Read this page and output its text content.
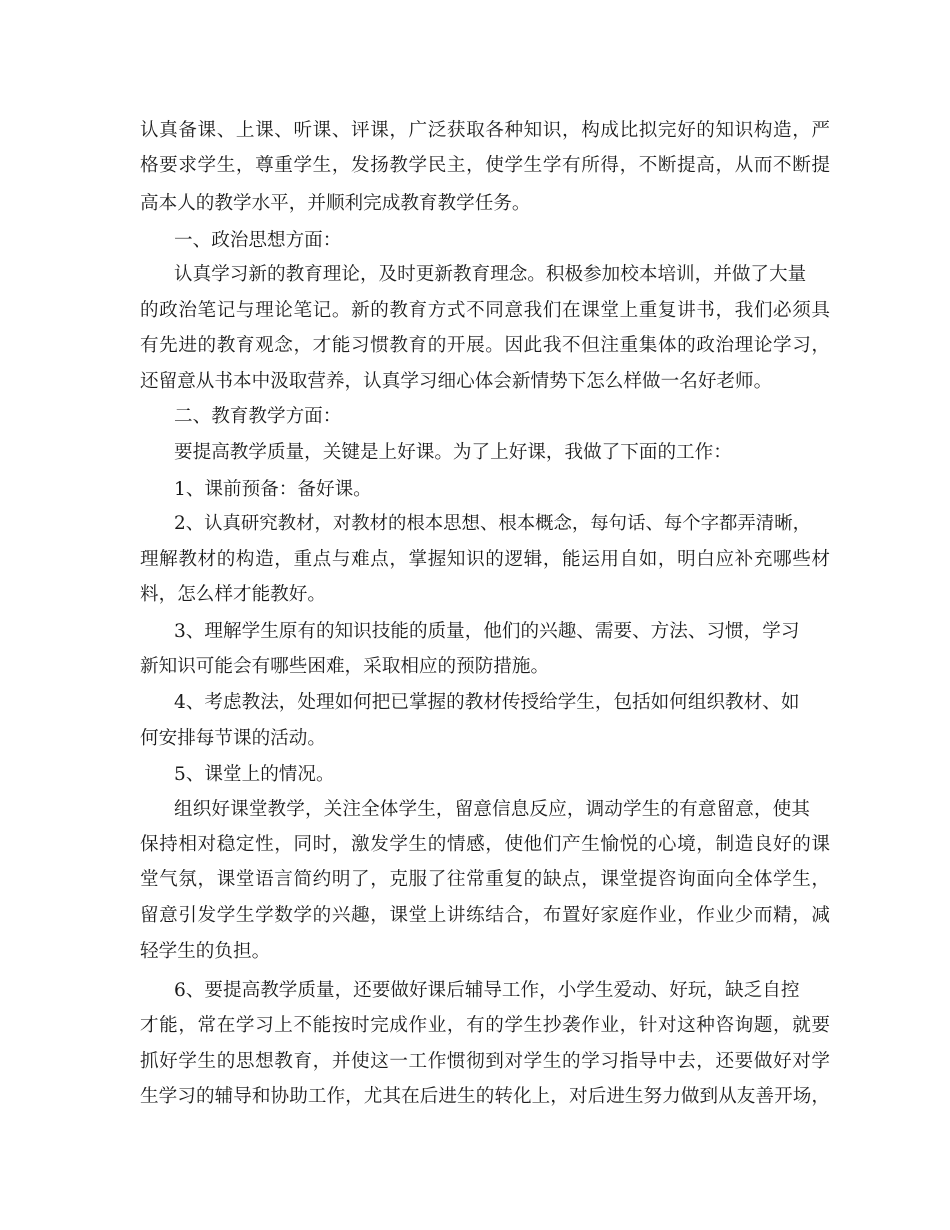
认真备课、上课、听课、评课，广泛获取各种知识，构成比拟完好的知识构造，严
格要求学生，尊重学生，发扬教学民主，使学生学有所得，不断提高，从而不断提
高本人的教学水平，并顺利完成教育教学任务。
一、政治思想方面：
认真学习新的教育理论，及时更新教育理念。积极参加校本培训，并做了大量
的政治笔记与理论笔记。新的教育方式不同意我们在课堂上重复讲书，我们必须具
有先进的教育观念，才能习惯教育的开展。因此我不但注重集体的政治理论学习，
还留意从书本中汲取营养，认真学习细心体会新情势下怎么样做一名好老师。
二、教育教学方面：
要提高教学质量，关键是上好课。为了上好课，我做了下面的工作：
1、课前预备：备好课。
2、认真研究教材，对教材的根本思想、根本概念，每句话、每个字都弄清晰，
理解教材的构造，重点与难点，掌握知识的逻辑，能运用自如，明白应补充哪些材
料，怎么样才能教好。
3、理解学生原有的知识技能的质量，他们的兴趣、需要、方法、习惯，学习
新知识可能会有哪些困难，采取相应的预防措施。
4、考虑教法，处理如何把已掌握的教材传授给学生，包括如何组织教材、如
何安排每节课的活动。
5、课堂上的情况。
组织好课堂教学，关注全体学生，留意信息反应，调动学生的有意留意，使其
保持相对稳定性，同时，激发学生的情感，使他们产生愉悦的心境，制造良好的课
堂气氛，课堂语言简约明了，克服了往常重复的缺点，课堂提咨询面向全体学生，
留意引发学生学数学的兴趣，课堂上讲练结合，布置好家庭作业，作业少而精，减
轻学生的负担。
6、要提高教学质量，还要做好课后辅导工作，小学生爱动、好玩，缺乏自控
才能，常在学习上不能按时完成作业，有的学生抄袭作业，针对这种咨询题，就要
抓好学生的思想教育，并使这一工作惯彻到对学生的学习指导中去，还要做好对学
生学习的辅导和协助工作，尤其在后进生的转化上，对后进生努力做到从友善开场，
